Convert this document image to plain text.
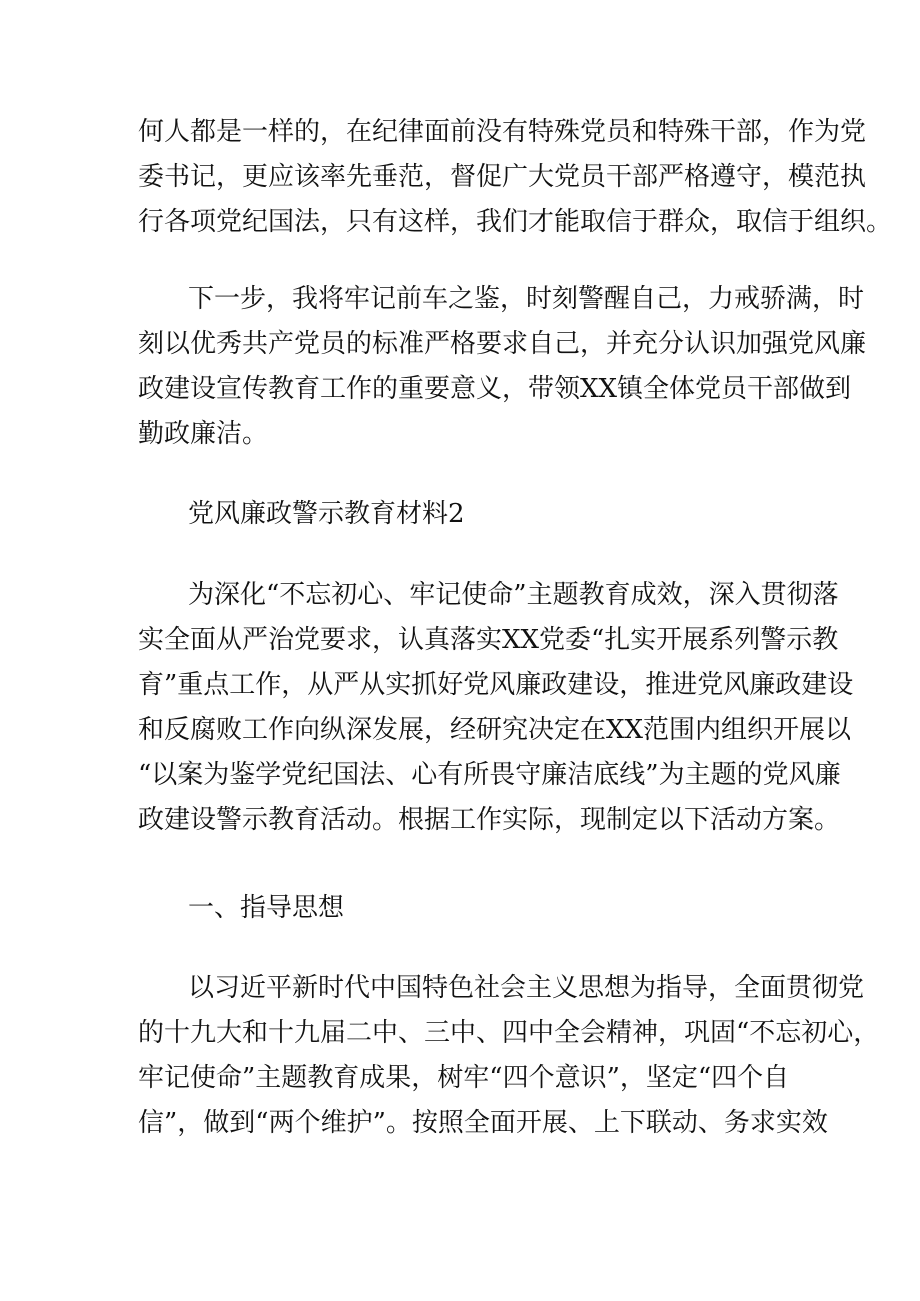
何人都是一样的，在纪律面前没有特殊党员和特殊干部，作为党
委书记，更应该率先垂范，督促广大党员干部严格遵守，模范执
行各项党纪国法，只有这样，我们才能取信于群众，取信于组织。
下一步，我将牢记前车之鉴，时刻警醒自己，力戒骄满，时
刻以优秀共产党员的标准严格要求自己，并充分认识加强党风廉
政建设宣传教育工作的重要意义，带领XX镇全体党员干部做到
勤政廉洁。
党风廉政警示教育材料2
为深化“不忘初心、牢记使命”主题教育成效，深入贯彻落
实全面从严治党要求，认真落实XX党委“扎实开展系列警示教
育”重点工作，从严从实抓好党风廉政建设，推进党风廉政建设
和反腐败工作向纵深发展，经研究决定在XX范围内组织开展以
“以案为鉴学党纪国法、心有所畏守廉洁底线”为主题的党风廉
政建设警示教育活动。根据工作实际，现制定以下活动方案。
一、指导思想
以习近平新时代中国特色社会主义思想为指导，全面贯彻党
的十九大和十九届二中、三中、四中全会精神，巩固“不忘初心，
牢记使命”主题教育成果，树牢“四个意识”，坚定“四个自
信”，做到“两个维护”。按照全面开展、上下联动、务求实效
